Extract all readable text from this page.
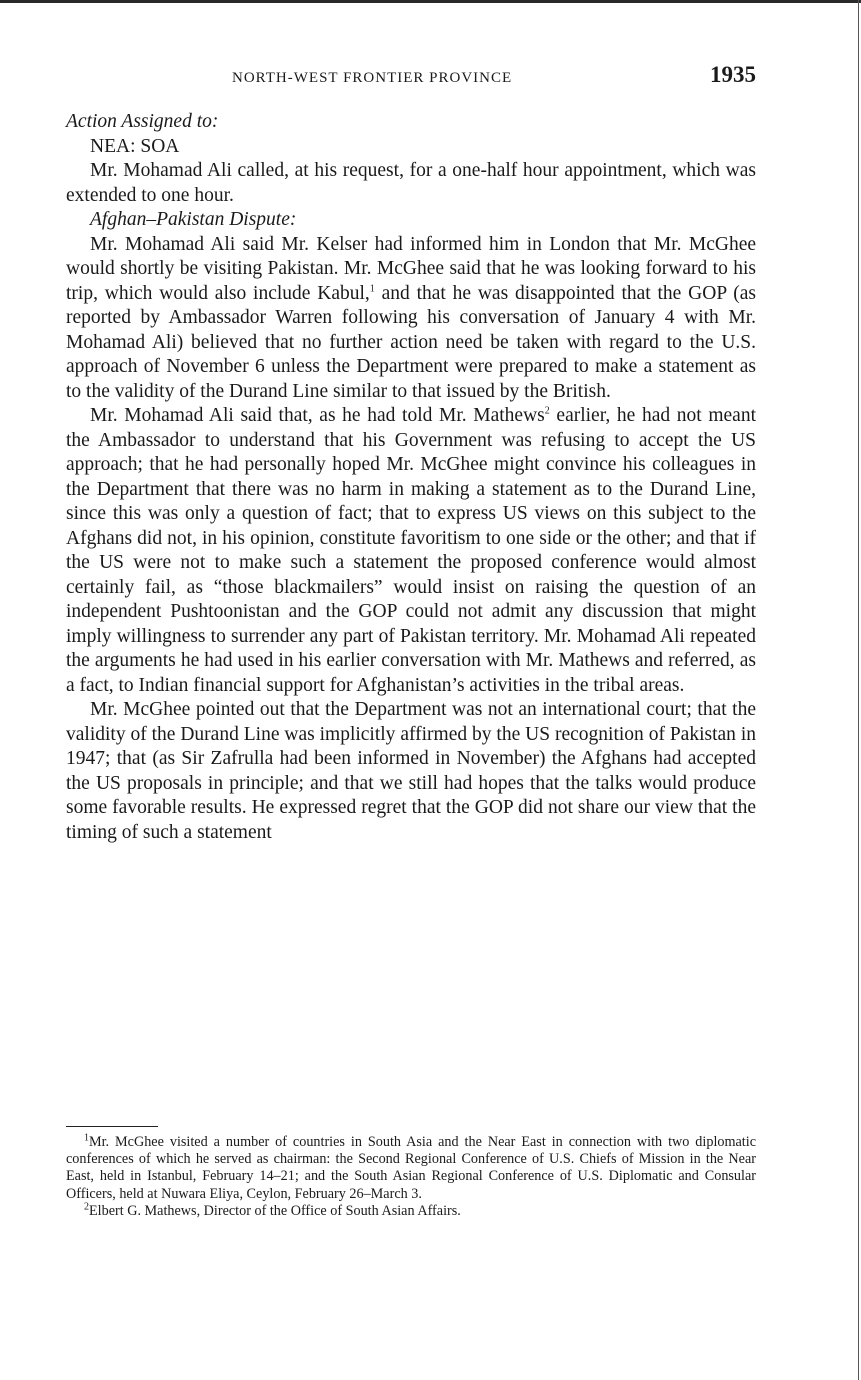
NORTH-WEST FRONTIER PROVINCE	1935

Action Assigned to:

NEA: SOA

Mr. Mohamad Ali called, at his request, for a one-half hour appointment, which was extended to one hour.

Afghan–Pakistan Dispute:

Mr. Mohamad Ali said Mr. Kelser had informed him in London that Mr. McGhee would shortly be visiting Pakistan. Mr. McGhee said that he was looking forward to his trip, which would also include Kabul,$^1$ and that he was disappointed that the GOP (as reported by Ambassador Warren following his conversation of January 4 with Mr. Mohamad Ali) believed that no further action need be taken with regard to the U.S. approach of November 6 unless the Department were prepared to make a statement as to the validity of the Durand Line similar to that issued by the British.

Mr. Mohamad Ali said that, as he had told Mr. Mathews$^2$ earlier, he had not meant the Ambassador to understand that his Government was refusing to accept the US approach; that he had personally hoped Mr. McGhee might convince his colleagues in the Department that there was no harm in making a statement as to the Durand Line, since this was only a question of fact; that to express US views on this subject to the Afghans did not, in his opinion, constitute favoritism to one side or the other; and that if the US were not to make such a statement the proposed conference would almost certainly fail, as “those blackmailers” would insist on raising the question of an independent Pushtoonistan and the GOP could not admit any discussion that might imply willingness to surrender any part of Pakistan territory. Mr. Mohamad Ali repeated the arguments he had used in his earlier conversation with Mr. Mathews and referred, as a fact, to Indian financial support for Afghanistan’s activities in the tribal areas.

Mr. McGhee pointed out that the Department was not an international court; that the validity of the Durand Line was implicitly affirmed by the US recognition of Pakistan in 1947; that (as Sir Zafrulla had been informed in November) the Afghans had accepted the US proposals in principle; and that we still had hopes that the talks would produce some favorable results. He expressed regret that the GOP did not share our view that the timing of such a statement

$^1$Mr. McGhee visited a number of countries in South Asia and the Near East in connection with two diplomatic conferences of which he served as chairman: the Second Regional Conference of U.S. Chiefs of Mission in the Near East, held in Istanbul, February 14–21; and the South Asian Regional Conference of U.S. Diplomatic and Consular Officers, held at Nuwara Eliya, Ceylon, February 26–March 3.

$^2$Elbert G. Mathews, Director of the Office of South Asian Affairs.
